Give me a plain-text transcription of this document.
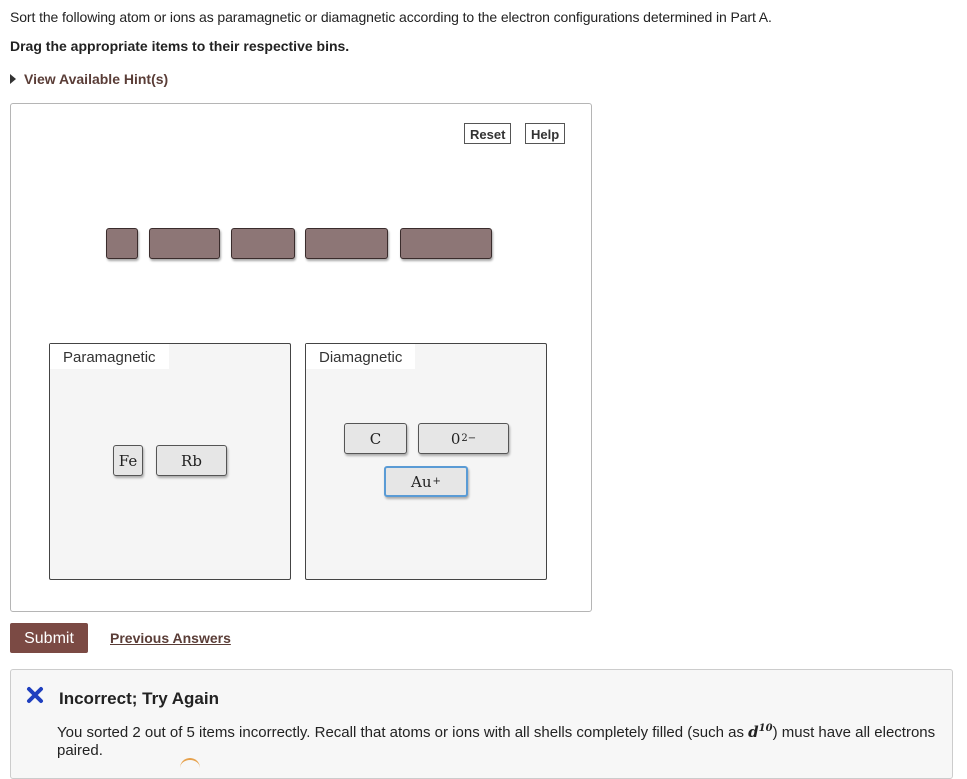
Sort the following atom or ions as paramagnetic or diamagnetic according to the electron configurations determined in Part A.
Drag the appropriate items to their respective bins.
View Available Hint(s)
Reset	Help
Paramagnetic
Fe	Rb
Diamagnetic
C	0 2−
Au +
Submit	Previous Answers
Incorrect; Try Again
You sorted 2 out of 5 items incorrectly. Recall that atoms or ions with all shells completely filled (such as $d^{10}$) must have all electrons paired.
